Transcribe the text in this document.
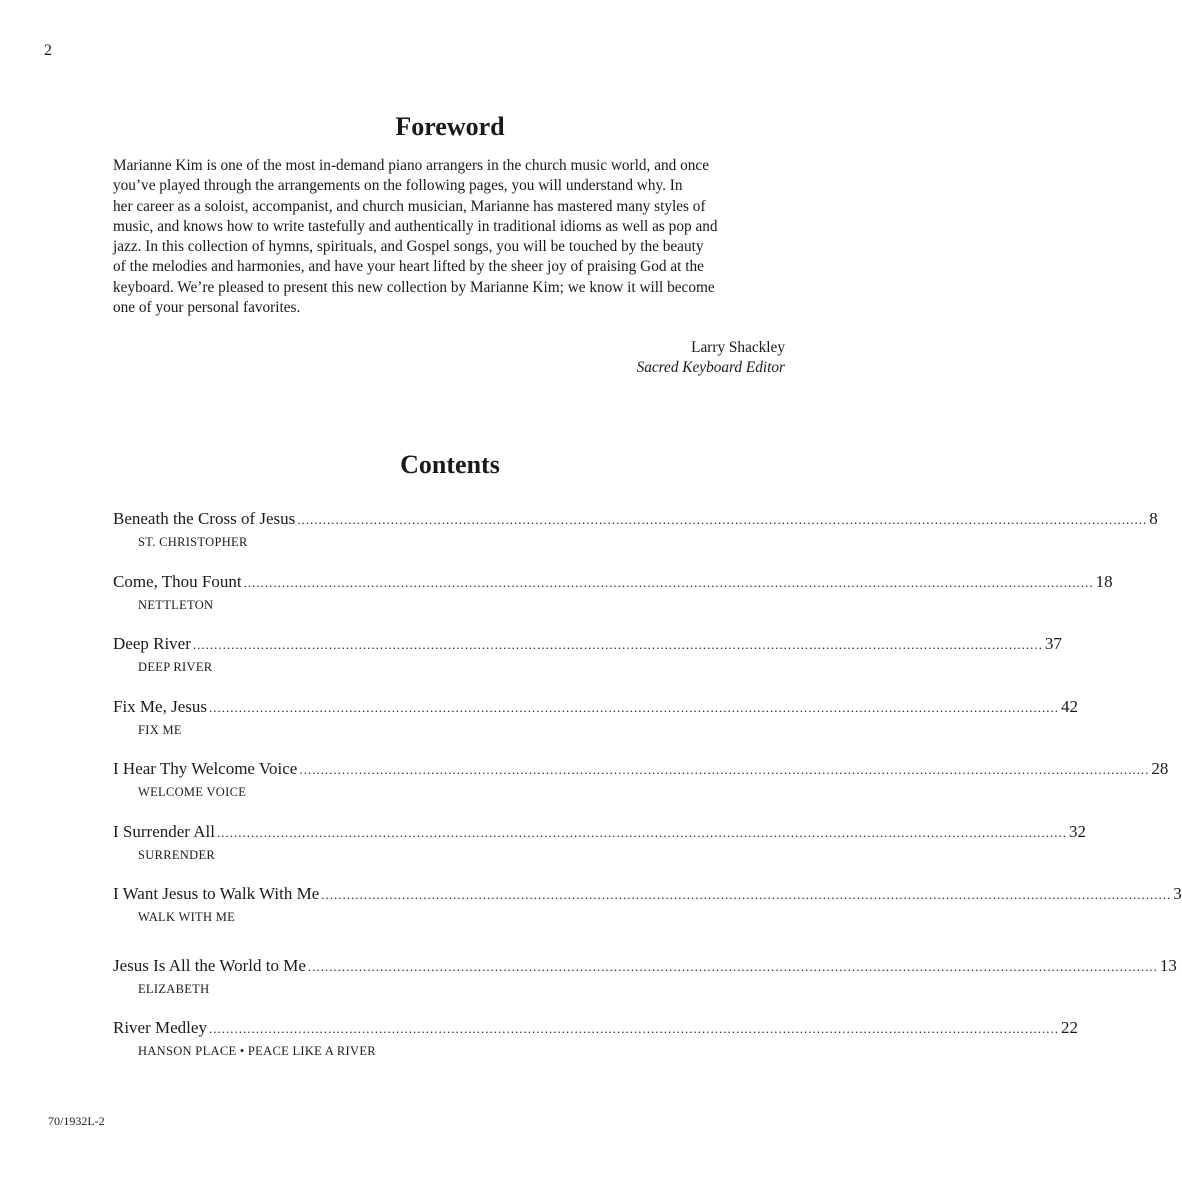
2
Foreword
Marianne Kim is one of the most in-demand piano arrangers in the church music world, and once
you’ve played through the arrangements on the following pages, you will understand why. In
her career as a soloist, accompanist, and church musician, Marianne has mastered many styles of
music, and knows how to write tastefully and authentically in traditional idioms as well as pop and
jazz. In this collection of hymns, spirituals, and Gospel songs, you will be touched by the beauty
of the melodies and harmonies, and have your heart lifted by the sheer joy of praising God at the
keyboard. We’re pleased to present this new collection by Marianne Kim; we know it will become
one of your personal favorites.
Larry Shackley
Sacred Keyboard Editor
Contents
Beneath the Cross of Jesus ........................................................................................................................................................................................................ 8
ST. CHRISTOPHER
Come, Thou Fount ........................................................................................................................................................................................................ 18
NETTLETON
Deep River ........................................................................................................................................................................................................ 37
DEEP RIVER
Fix Me, Jesus ........................................................................................................................................................................................................ 42
FIX ME
I Hear Thy Welcome Voice ........................................................................................................................................................................................................ 28
WELCOME VOICE
I Surrender All ........................................................................................................................................................................................................ 32
SURRENDER
I Want Jesus to Walk With Me ........................................................................................................................................................................................................ 3
WALK WITH ME
Jesus Is All the World to Me ........................................................................................................................................................................................................ 13
ELIZABETH
River Medley ........................................................................................................................................................................................................ 22
HANSON PLACE • PEACE LIKE A RIVER
70/1932L-2
